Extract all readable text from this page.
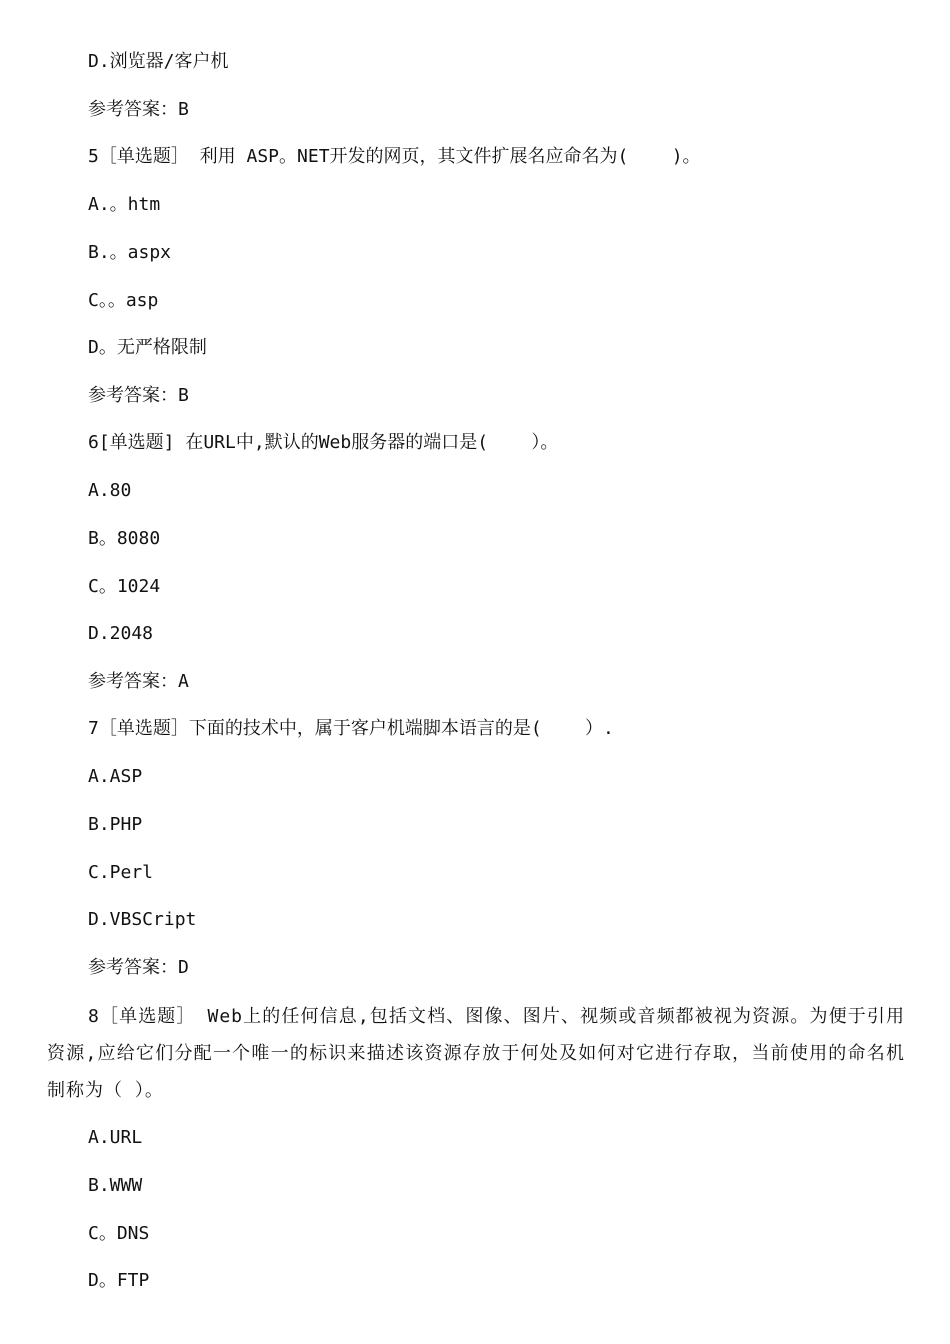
D.浏览器/客户机
参考答案：B
5［单选题］ 利用 ASP。NET开发的网页，其文件扩展名应命名为(    )。
A.。htm
B.。aspx
C。。asp
D。无严格限制
参考答案：B
6[单选题] 在URL中,默认的Web服务器的端口是(    ）。
A.80
B。8080
C。1024
D.2048
参考答案：A
7［单选题］下面的技术中，属于客户机端脚本语言的是(    ）.
A.ASP
B.PHP
C.Perl
D.VBSCript
参考答案：D
8［单选题］ Web上的任何信息,包括文档、图像、图片、视频或音频都被视为资源。为便于引用资源,应给它们分配一个唯一的标识来描述该资源存放于何处及如何对它进行存取，当前使用的命名机制称为（ ）。
A.URL
B.WWW
C。DNS
D。FTP
